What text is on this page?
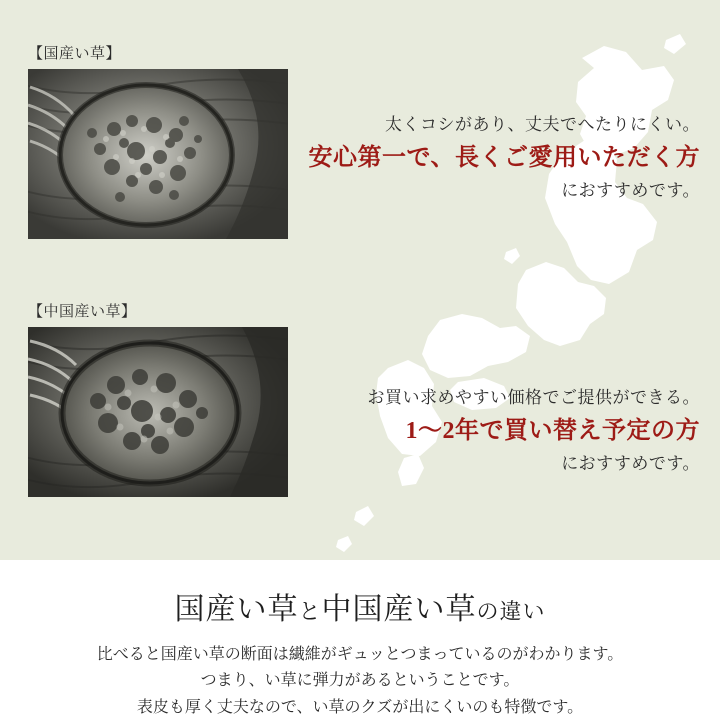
【国産い草】
【中国産い草】
太くコシがあり、丈夫でへたりにくい。
安心第一で、長くご愛用いただく方
におすすめです。
お買い求めやすい価格でご提供ができる。
1〜2年で買い替え予定の方
におすすめです。
国産い草と中国産い草の違い
比べると国産い草の断面は繊維がギュッとつまっているのがわかります。
つまり、い草に弾力があるということです。
表皮も厚く丈夫なので、い草のクズが出にくいのも特徴です。
